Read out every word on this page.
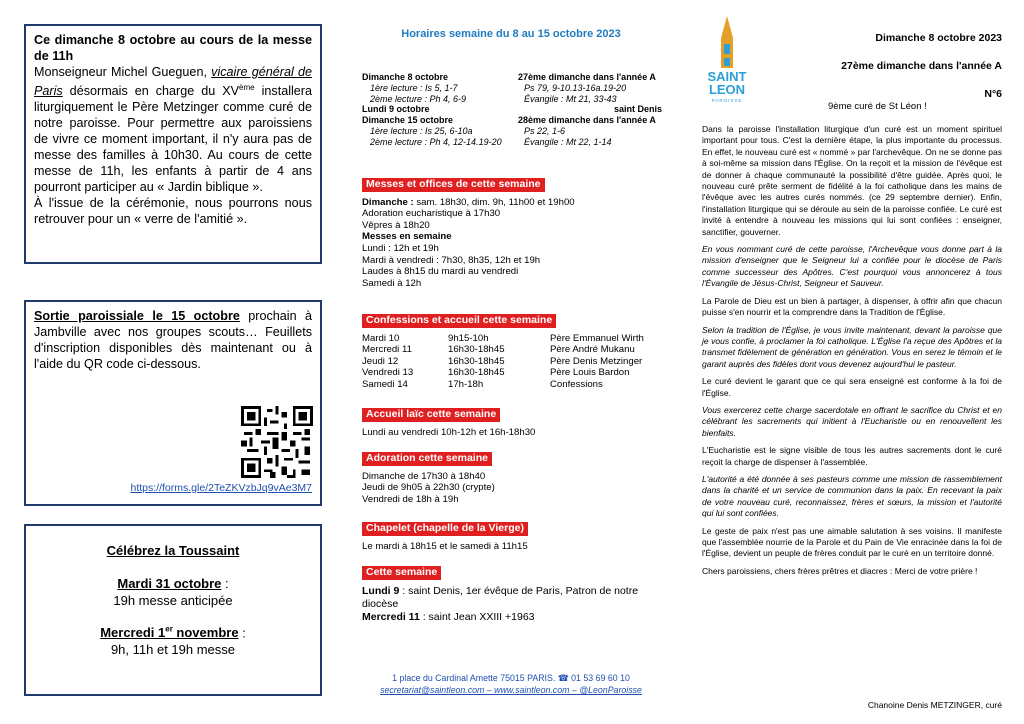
Ce dimanche 8 octobre au cours de la messe de 11h
Monseigneur Michel Gueguen, vicaire général de Paris désormais en charge du XVème installera liturgiquement le Père Metzinger comme curé de notre paroisse. Pour permettre aux paroissiens de vivre ce moment important, il n'y aura pas de messe des familles à 10h30. Au cours de cette messe de 11h, les enfants à partir de 4 ans pourront participer au « Jardin biblique ».
À l'issue de la cérémonie, nous pourrons nous retrouver pour un « verre de l'amitié ».
Sortie paroissiale le 15 octobre prochain à Jambville avec nos groupes scouts… Feuillets d'inscription disponibles dès maintenant ou à l'aide du QR code ci-dessous.
https://forms.gle/2TeZKVzbJq9vAe3M7
Célébrez la Toussaint
Mardi 31 octobre :
19h messe anticipée
Mercredi 1er novembre :
9h, 11h et 19h messe
Horaires semaine du 8 au 15 octobre 2023
Dimanche 8 octobre	27ème dimanche dans l'année A
1ère lecture : Is 5, 1-7	Ps 79, 9-10.13-16a.19-20
2ème lecture : Ph 4, 6-9	Évangile : Mt 21, 33-43
Lundi 9 octobre	saint Denis
Dimanche 15 octobre	28ème dimanche dans l'année A
1ère lecture : Is 25, 6-10a	Ps 22, 1-6
2ème lecture : Ph 4, 12-14.19-20	Évangile : Mt 22, 1-14
Messes et offices de cette semaine
Dimanche : sam. 18h30, dim. 9h, 11h00 et 19h00
Adoration eucharistique à 17h30
Vêpres à 18h20
Messes en semaine
Lundi : 12h et 19h
Mardi à vendredi : 7h30, 8h35, 12h et 19h
Laudes à 8h15 du mardi au vendredi
Samedi à 12h
Confessions et accueil cette semaine
Mardi 10	9h15-10h	Père Emmanuel Wirth
Mercredi 11	16h30-18h45	Père André Mukanu
Jeudi 12	16h30-18h45	Père Denis Metzinger
Vendredi 13	16h30-18h45	Père Louis Bardon
Samedi 14	17h-18h	Confessions
Accueil laïc cette semaine
Lundi au vendredi 10h-12h et 16h-18h30
Adoration cette semaine
Dimanche de 17h30 à 18h40
Jeudi de 9h05 à 22h30 (crypte)
Vendredi de 18h à 19h
Chapelet (chapelle de la Vierge)
Le mardi à 18h15 et le samedi à 11h15
Cette semaine
Lundi 9 : saint Denis, 1er évêque de Paris, Patron de notre diocèse
Mercredi 11 : saint Jean XXIII +1963
1 place du Cardinal Amette 75015 PARIS. ☎ 01 53 69 60 10
secretariat@saintleon.com – www.saintleon.com – @LeonParoisse
SAINT
LEON
PAROISSE
Dimanche 8 octobre 2023
27ème dimanche dans l'année A
N°6
9ème curé de St Léon !

Dans la paroisse l'installation liturgique d'un curé est un moment spirituel important pour tous. C'est la dernière étape, la plus importante du processus. En effet, le nouveau curé est « nommé » par l'archevêque. On ne se donne pas à soi-même sa mission dans l'Église. On la reçoit et la mission de l'évêque est de donner à chaque communauté la possibilité d'être guidée. Après quoi, le nouveau curé prête serment de fidélité à la foi catholique dans les mains de l'évêque avec les autres curés nommés. (ce 29 septembre dernier). Enfin, l'installation liturgique qui se déroule au sein de la paroisse confiée. Le curé est invité à entendre à nouveau les missions qui lui sont confiées : enseigner, sanctifier, gouverner.

En vous nommant curé de cette paroisse, l'Archevêque vous donne part à la mission d'enseigner que le Seigneur lui a confiée pour le diocèse de Paris comme successeur des Apôtres. C'est pourquoi vous annoncerez à tous l'Évangile de Jésus-Christ, Seigneur et Sauveur.

La Parole de Dieu est un bien à partager, à dispenser, à offrir afin que chacun puisse s'en nourrir et la comprendre dans la Tradition de l'Église.

Selon la tradition de l'Église, je vous invite maintenant, devant la paroisse que je vous confie, à proclamer la foi catholique. L'Église l'a reçue des Apôtres et la transmet fidèlement de génération en génération. Vous en serez le témoin et le garant auprès des fidèles dont vous devenez aujourd'hui le pasteur.

Le curé devient le garant que ce qui sera enseigné est conforme à la foi de l'Église.

Vous exercerez cette charge sacerdotale en offrant le sacrifice du Christ et en célébrant les sacrements qui initient à l'Eucharistie ou en renouvellent les bienfaits.

L'Eucharistie est le signe visible de tous les autres sacrements dont le curé reçoit la charge de dispenser à l'assemblée.

L'autorité a été donnée à ses pasteurs comme une mission de rassemblement dans la charité et un service de communion dans la paix. En recevant la paix de votre nouveau curé, reconnaissez, frères et sœurs, la mission et l'autorité qui lui sont confiées.

Le geste de paix n'est pas une aimable salutation à ses voisins. Il manifeste que l'assemblée nourrie de la Parole et du Pain de Vie enracinée dans la foi de l'Église, devient un peuple de frères conduit par le curé en un territoire donné.

Chers paroissiens, chers frères prêtres et diacres : Merci de votre prière !

Chanoine Denis METZINGER, curé
